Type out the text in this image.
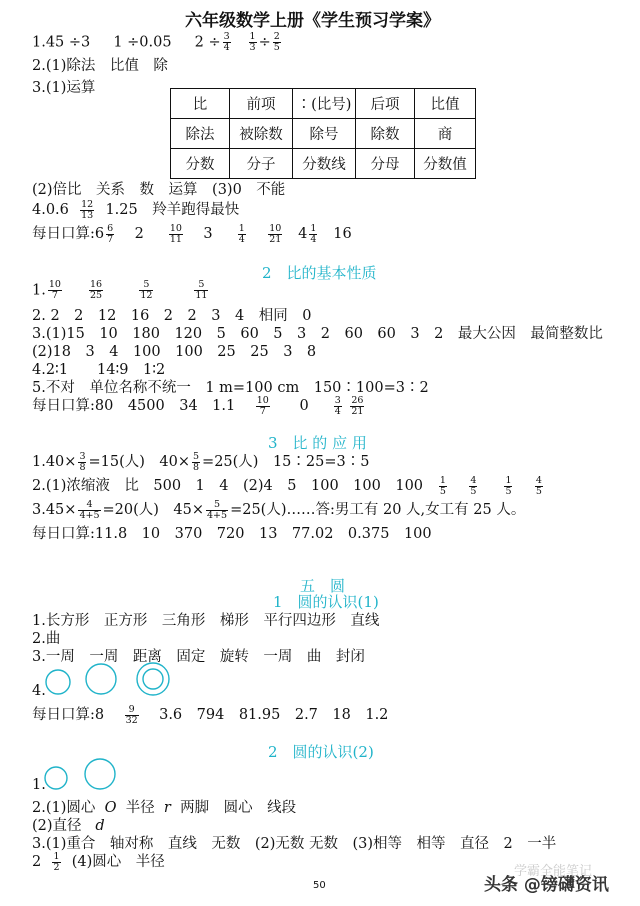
六年级数学上册《学生预习学案》
1.45 ÷3 1 ÷0.05 $2 \div \frac{3}{4}$
$\frac{1}{3} \div \frac{2}{5}$
2.(1)除法　比值　除
3.(1)运算
比	前项	∶(比号)	后项	比值
除法	被除数	除号	除数	商
分数	分子	分数线	分母	分数值
(2)倍比　关系　数　运算　(3)0　不能
$4.0.6 \frac{12}{13} 1.25$　羚羊跑得最快
每日口算:6 $\frac{6}{7} 2$	$\frac{10}{11} 3$	$\frac{1}{4}$
$\frac{10}{21} 4 \frac{1}{4} 16$
2　比的基本性质
1. $\frac{10}{7}$
	$\frac{16}{25}$
	$\frac{5}{12}$
	$\frac{5}{11}$
2. 2　2　12　16　2　2　3　4　相同　0
3.(1)15　10　180　120　5　60　5　3　2　60　60　3　2　最大公因　最简整数比
(2)18　3　4　100　100　25　25　3　8
4.2∶1　　14∶9　1∶2
5.不对　单位名称不统一　1 m=100 cm　150∶100=3∶2
每日口算:80　4500　34　$1.1 \frac{10}{7} 0$	$\frac{3}{4}$
$\frac{26}{21}$
3　比 的 应 用
$1.40\times \frac{3}{8} =15$(人)　$40\times \frac{5}{8} =25$(人)　15∶25=3∶5
2.(1)浓缩液　比　500　1　4　(2)4　5　100　100　$100 \frac{1}{5}$
$\frac{4}{5}$
	$\frac{1}{5}$
$\frac{4}{5}$
$3.45\times \frac{4}{4+5} =20$(人)　$45\times \frac{5}{4+5} =25$(人)……答:男工有 20 人,女工有 25 人。
每日口算:11.8　10　370　720　13　77.02　0.375　100
五　圆
1　圆的认识(1)
1.长方形　正方形　三角形　梯形　平行四边形　直线
2.曲
3.一周　一周　距离　固定　旋转　一周　曲　封闭
4.
每日口算:8 $\frac{9}{32} 3.6$　794　81.95　2.7　18　1.2
2　圆的认识(2)
1.
2.(1)圆心 O 半径 r 两脚　圆心　线段
(2)直径 d
3.(1)重合　轴对称　直线　无数　(2)无数 无数　(3)相等　相等　直径　2　一半
$2 \frac{1}{2} (4)$圆心　半径
50
学霸全能笔记
头条 @镑礴资讯
